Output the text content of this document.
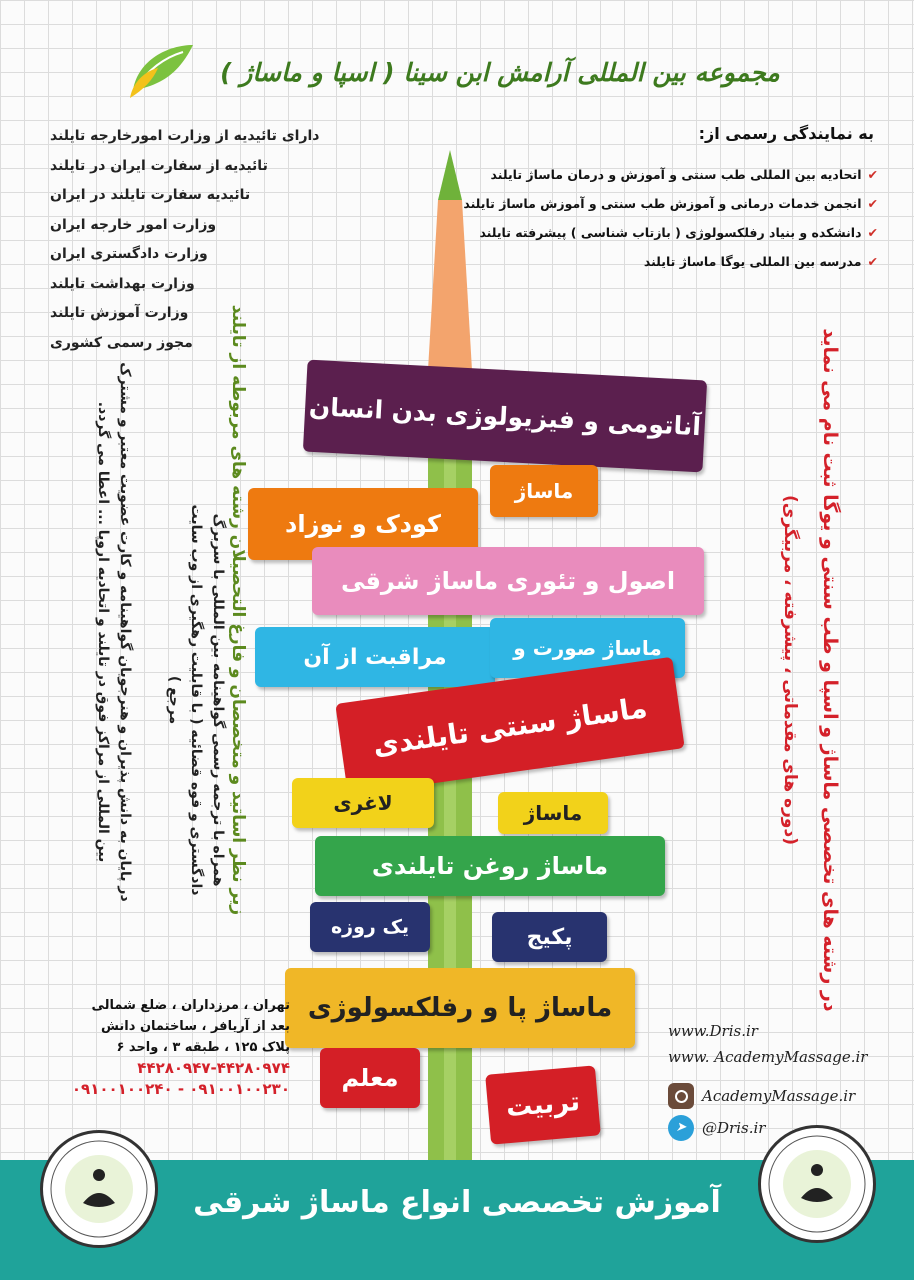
مجموعه بین المللی آرامش ابن سینا ( اسپا و ماساژ )
دارای تائیدیه از وزارت امورخارجه تایلند
تائیدیه از سفارت ایران در تایلند
تائیدیه سفارت تایلند در ایران
وزارت امور خارجه ایران
وزارت دادگستری ایران
وزارت بهداشت تایلند
وزارت آموزش تایلند
مجوز رسمی کشوری
به نمایندگی رسمی از:
✔اتحادیه بین المللی طب سنتی و آموزش و درمان ماساژ تایلند
✔انجمن خدمات درمانی و آموزش طب سنتی و آموزش ماساژ تایلند
✔دانشکده و بنیاد رفلکسولوژی ( بازتاب شناسی ) پیشرفته تایلند
✔مدرسه بین المللی یوگا ماساژ تایلند
آناتومی و فیزیولوژی بدن انسان
ماساژ
کودک و نوزاد
اصول و تئوری ماساژ شرقی
مراقبت از آن	ماساژ صورت و
ماساژ سنتی تایلندی
لاغری	ماساژ
ماساژ روغن تایلندی
یک روزه	پکیج
ماساژ پا و رفلکسولوژی
معلم
تربیت
زیر نظر اساتید و متخصصان و فارغ التحصیلان رشته های مربوطه از تایلند
در پایان به دانش پذیران و هنرجویان گواهینامه و کارت عضویت معتبر و مشترک بین المللی از مراکز فوق در تایلند و اتحادیه اروپا ... اعطا می گردد.	همراه با ترجمه رسمی گواهینامه بین المللی با سربرگ دادگستری و قوه قضائیه ( با قابلیت رهگیری از وب سایت مرجع )	در رشته های تخصصی ماساژ و اسپا و طب سنتی و یوگا ثبت نام می نماید
(دوره های مقدماتی ، پیشرفته ، مربیگری)
تهران ، مرزداران ، ضلع شمالی
بعد از آریافر ، ساختمان دانش
پلاک ۱۲۵ ، طبقه ۳ ، واحد ۶
۴۴۲۸۰۹۴۷-۴۴۲۸۰۹۷۴
۰۹۱۰۰۱۰۰۲۳۰ - ۰۹۱۰۰۱۰۰۲۴۰
www.Dris.ir
www. AcademyMassage.ir
AcademyMassage.ir
➤	@Dris.ir
آموزش تخصصی انواع ماساژ شرقی
